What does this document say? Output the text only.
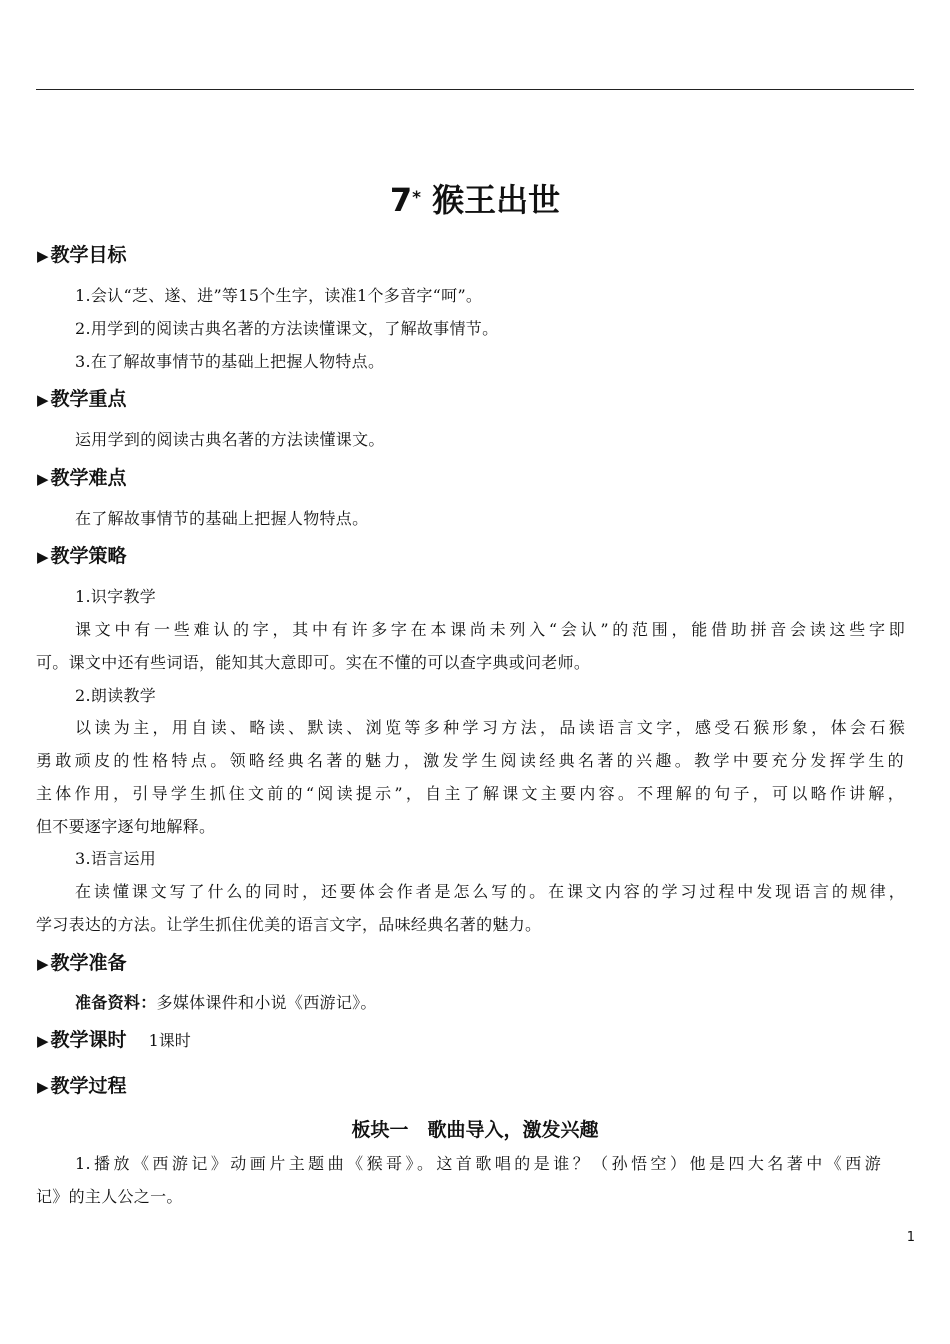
7* 猴王出世
▶ 教学目标
1.会认“芝、遂、进”等15个生字，读准1个多音字“呵”。
2.用学到的阅读古典名著的方法读懂课文，了解故事情节。
3.在了解故事情节的基础上把握人物特点。
▶ 教学重点
运用学到的阅读古典名著的方法读懂课文。
▶ 教学难点
在了解故事情节的基础上把握人物特点。
▶ 教学策略
1.识字教学
课文中有一些难认的字，其中有许多字在本课尚未列入“会认”的范围，能借助拼音会读这些字即
可。课文中还有些词语，能知其大意即可。实在不懂的可以查字典或问老师。
2.朗读教学
以读为主，用自读、略读、默读、浏览等多种学习方法，品读语言文字，感受石猴形象，体会石猴
勇敢顽皮的性格特点。领略经典名著的魅力，激发学生阅读经典名著的兴趣。教学中要充分发挥学生的
主体作用，引导学生抓住文前的“阅读提示”，自主了解课文主要内容。不理解的句子，可以略作讲解，
但不要逐字逐句地解释。
3.语言运用
在读懂课文写了什么的同时，还要体会作者是怎么写的。在课文内容的学习过程中发现语言的规律，
学习表达的方法。让学生抓住优美的语言文字，品味经典名著的魅力。
▶ 教学准备
准备资料：多媒体课件和小说《西游记》。
▶ 教学课时 1课时
▶ 教学过程
板块一　歌曲导入，激发兴趣
1.播放《西游记》动画片主题曲《猴哥》。这首歌唱的是谁？（孙悟空）他是四大名著中《西游
记》的主人公之一。
1
